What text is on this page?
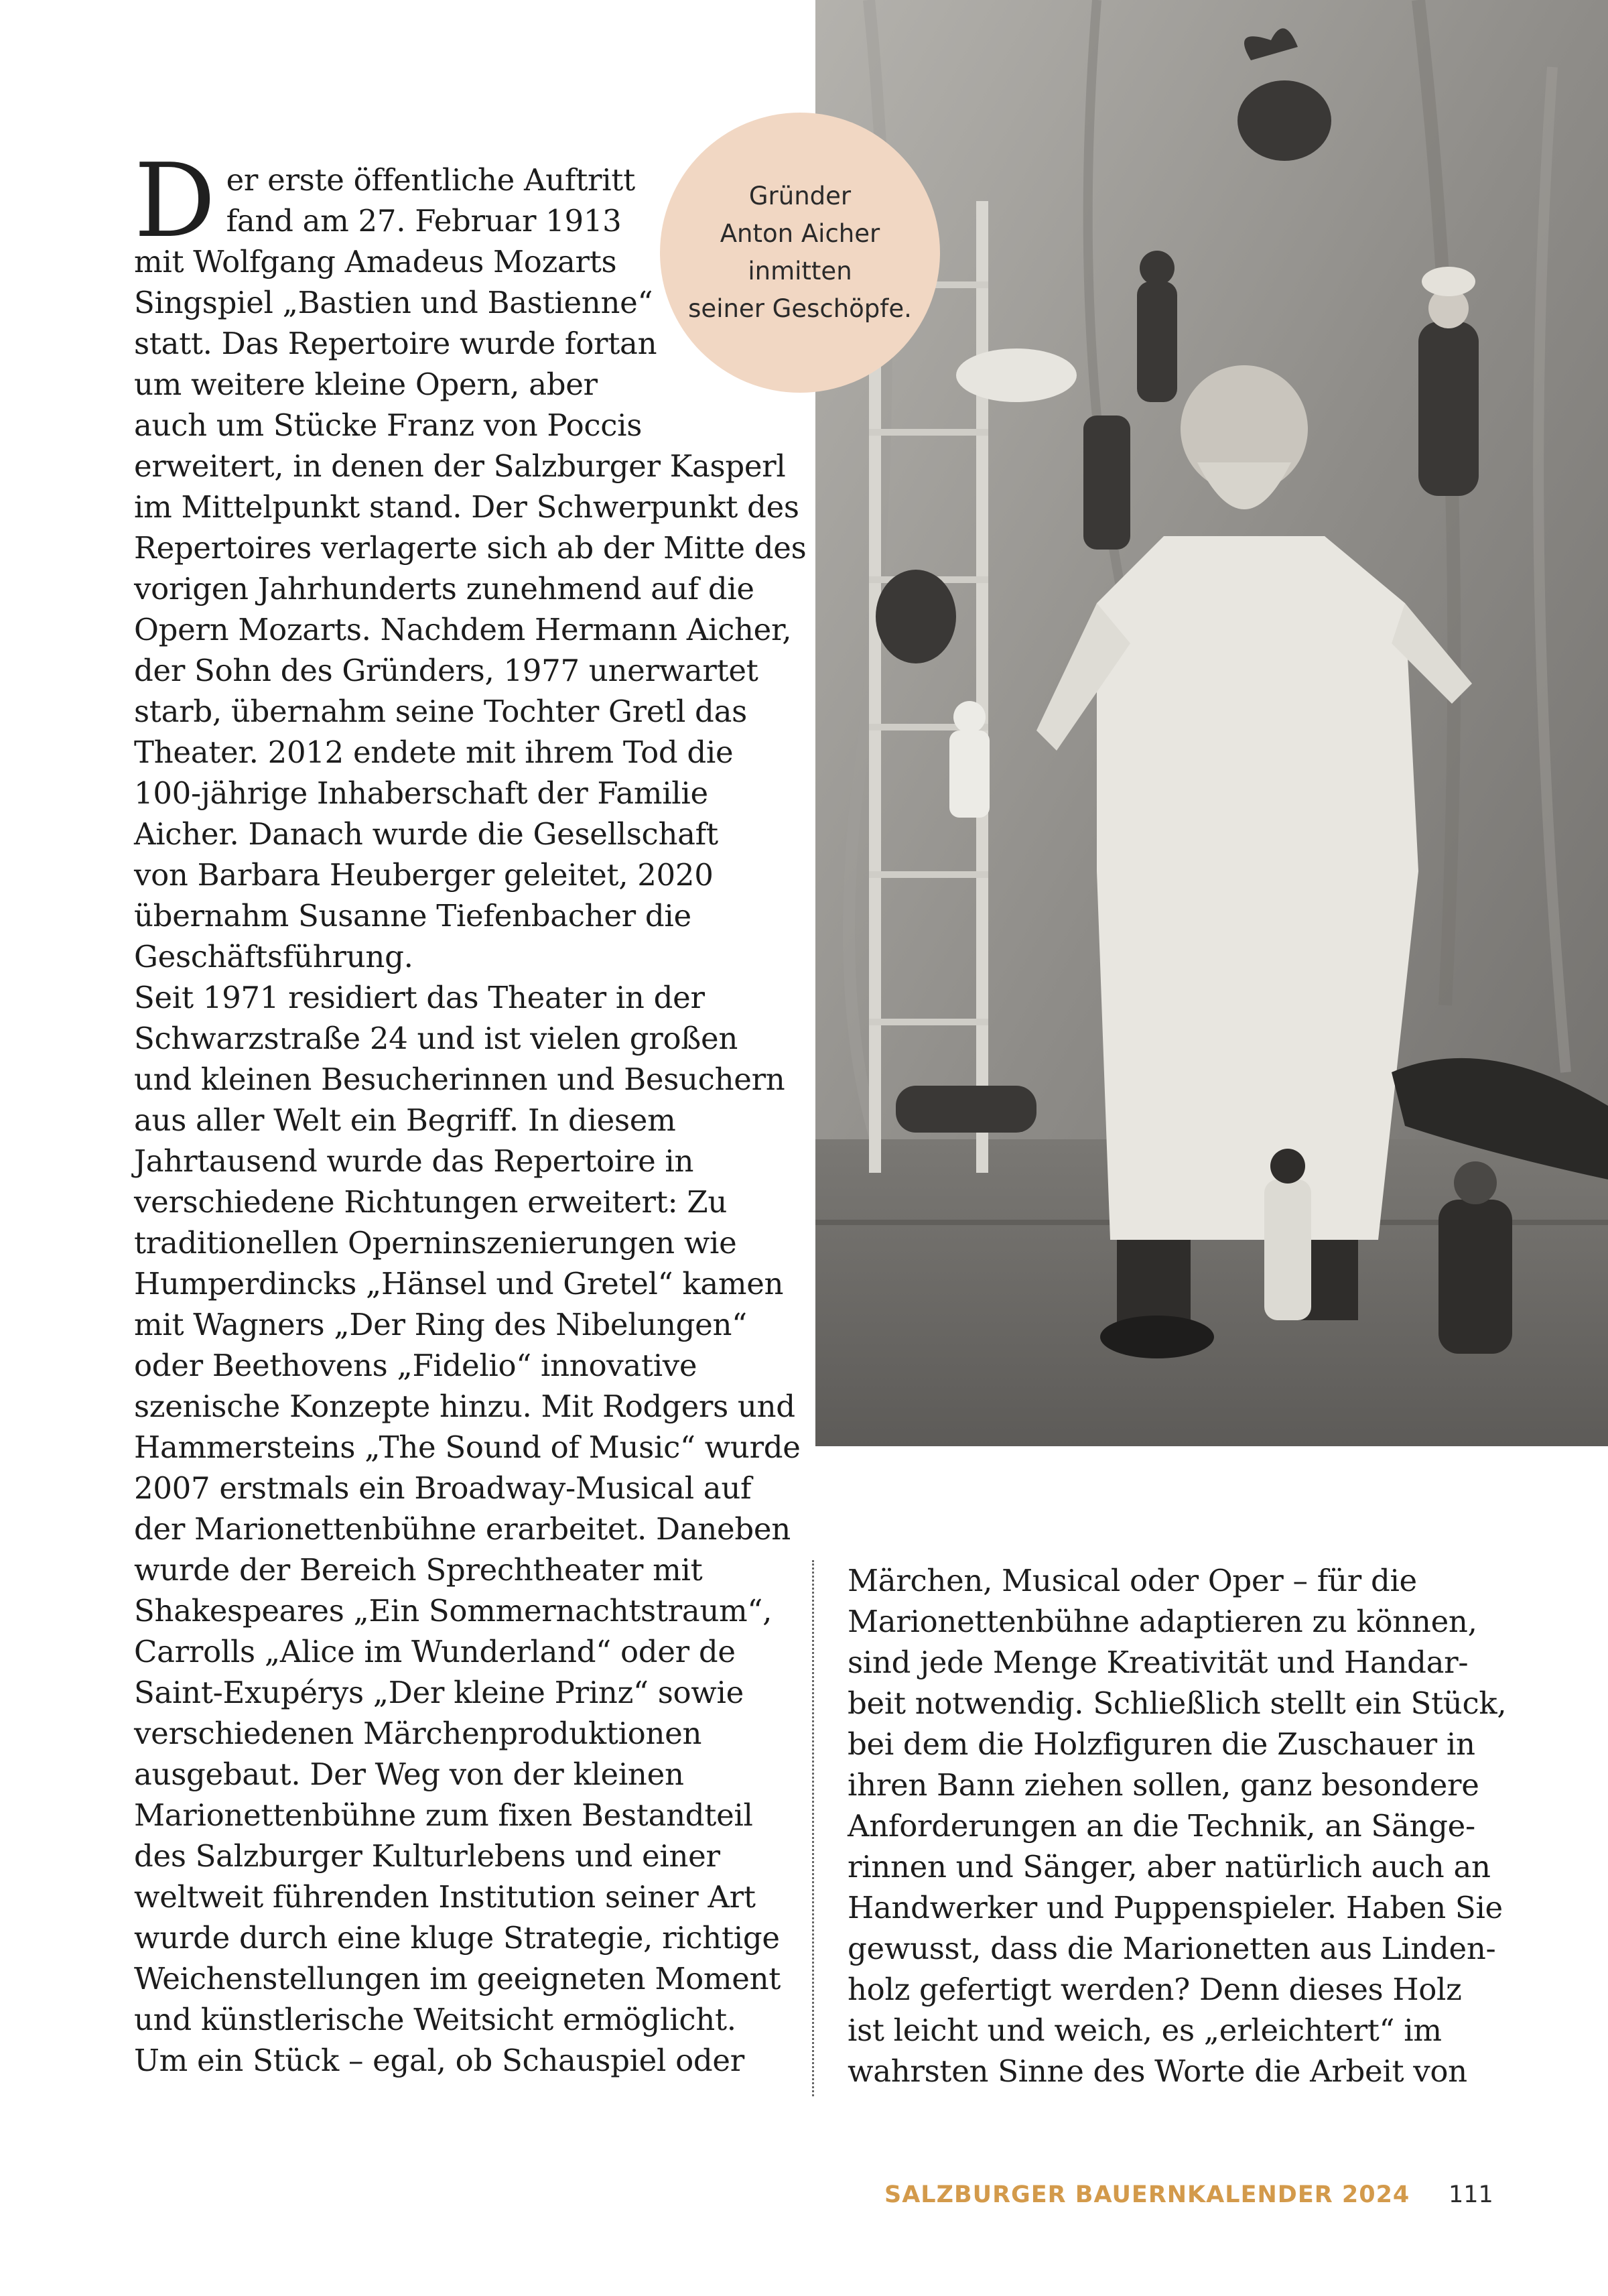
D er erste öffentliche Auftritt
fand am 27. Februar 1913
mit Wolfgang Amadeus Mozarts
Singspiel „Bastien und Bastienne“
statt. Das Repertoire wurde fortan
um weitere kleine Opern, aber
auch um Stücke Franz von Poccis
erweitert, in denen der Salzburger Kasperl
im Mittelpunkt stand. Der Schwerpunkt des
Repertoires verlagerte sich ab der Mitte des
vorigen Jahrhunderts zunehmend auf die
Opern Mozarts. Nachdem Hermann Aicher,
der Sohn des Gründers, 1977 unerwartet
starb, übernahm seine Tochter Gretl das
Theater. 2012 endete mit ihrem Tod die
100-jährige Inhaberschaft der Familie
Aicher. Danach wurde die Gesellschaft
von Barbara Heuberger geleitet, 2020
übernahm Susanne Tiefenbacher die
Geschäftsführung.
Seit 1971 residiert das Theater in der
Schwarzstraße 24 und ist vielen großen
und kleinen Besucherinnen und Besuchern
aus aller Welt ein Begriff. In diesem
Jahrtausend wurde das Repertoire in
verschiedene Richtungen erweitert: Zu
traditionellen Operninszenierungen wie
Humperdincks „Hänsel und Gretel“ kamen
mit Wagners „Der Ring des Nibelungen“
oder Beethovens „Fidelio“ innovative
szenische Konzepte hinzu. Mit Rodgers und
Hammersteins „The Sound of Music“ wurde
2007 erstmals ein Broadway-Musical auf
der Marionettenbühne erarbeitet. Daneben
wurde der Bereich Sprechtheater mit
Shakespeares „Ein Sommernachtstraum“,
Carrolls „Alice im Wunderland“ oder de
Saint-Exupérys „Der kleine Prinz“ sowie
verschiedenen Märchenproduktionen
ausgebaut. Der Weg von der kleinen
Marionettenbühne zum fixen Bestandteil
des Salzburger Kulturlebens und einer
weltweit führenden Institution seiner Art
wurde durch eine kluge Strategie, richtige
Weichenstellungen im geeigneten Moment
und künstlerische Weitsicht ermöglicht.
Um ein Stück – egal, ob Schauspiel oder
Gründer
Anton Aicher
inmitten
seiner Geschöpfe.
Märchen, Musical oder Oper – für die
Marionettenbühne adaptieren zu können,
sind jede Menge Kreativität und Handar-
beit notwendig. Schließlich stellt ein Stück,
bei dem die Holzfiguren die Zuschauer in
ihren Bann ziehen sollen, ganz besondere
Anforderungen an die Technik, an Sänge-
rinnen und Sänger, aber natürlich auch an
Handwerker und Puppenspieler. Haben Sie
gewusst, dass die Marionetten aus Linden-
holz gefertigt werden? Denn dieses Holz
ist leicht und weich, es „erleichtert“ im
wahrsten Sinne des Worte die Arbeit von
SALZBURGER BAUERNKALENDER 2024 111
